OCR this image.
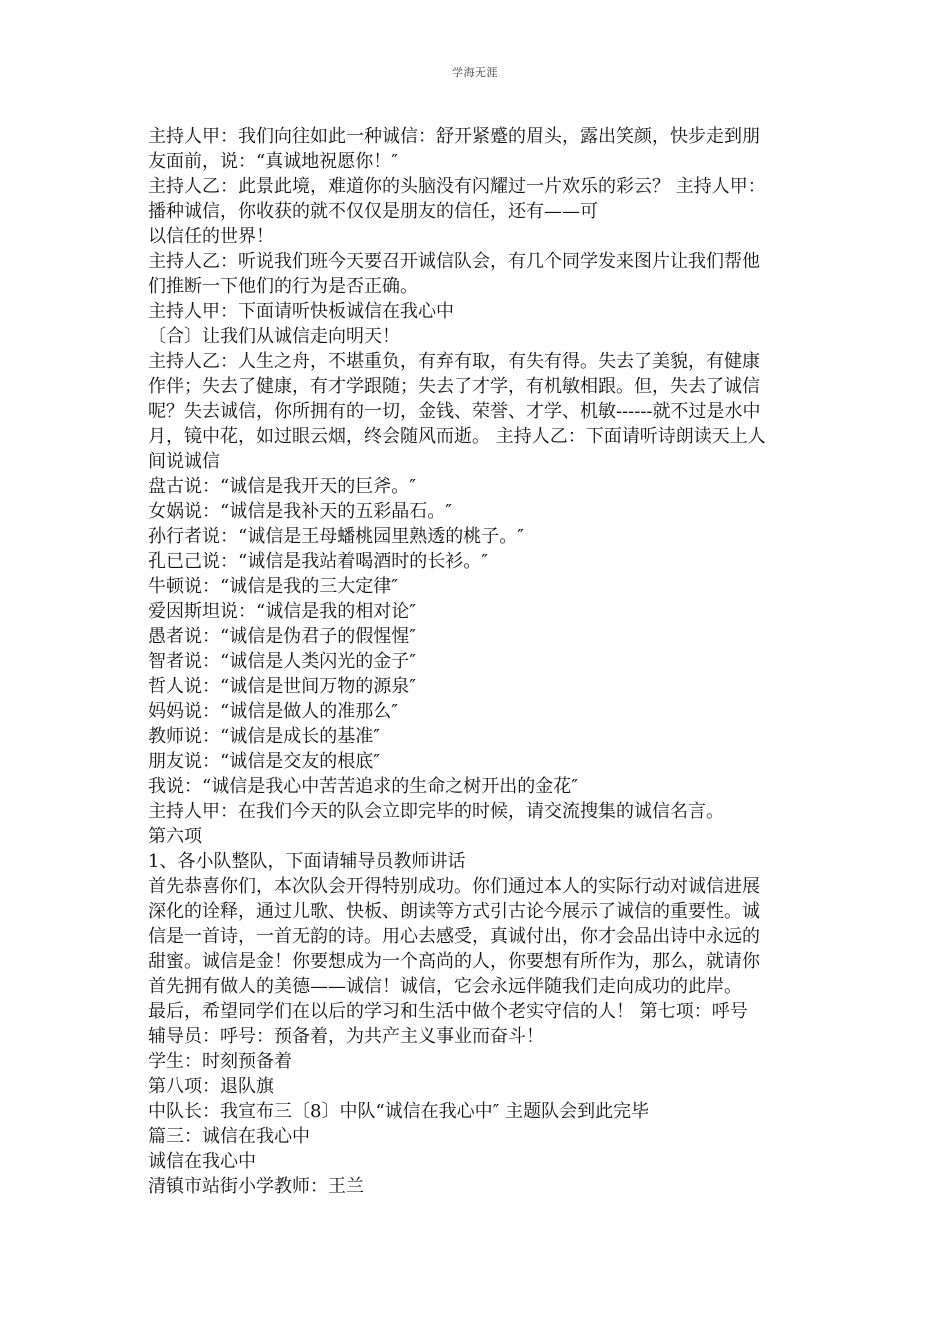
学海无涯
主持人甲：我们向往如此一种诚信：舒开紧蹙的眉头，露出笑颜，快步走到朋
友面前，说：“真诚地祝愿你！″
主持人乙：此景此境，难道你的头脑没有闪耀过一片欢乐的彩云？ 主持人甲：
播种诚信，你收获的就不仅仅是朋友的信任，还有——可
以信任的世界！
主持人乙：听说我们班今天要召开诚信队会，有几个同学发来图片让我们帮他
们推断一下他们的行为是否正确。
主持人甲：下面请听快板诚信在我心中
〔合〕让我们从诚信走向明天！
主持人乙：人生之舟，不堪重负，有弃有取，有失有得。失去了美貌，有健康
作伴；失去了健康，有才学跟随；失去了才学，有机敏相跟。但，失去了诚信
呢？失去诚信，你所拥有的一切，金钱、荣誉、才学、机敏------就不过是水中
月，镜中花，如过眼云烟，终会随风而逝。 主持人乙：下面请听诗朗读天上人
间说诚信
盘古说：“诚信是我开天的巨斧。″
女娲说：“诚信是我补天的五彩晶石。″
孙行者说：“诚信是王母蟠桃园里熟透的桃子。″
孔已己说：“诚信是我站着喝酒时的长衫。″
牛顿说：“诚信是我的三大定律″
爱因斯坦说：“诚信是我的相对论″
愚者说：“诚信是伪君子的假惺惺″
智者说：“诚信是人类闪光的金子″
哲人说：“诚信是世间万物的源泉″
妈妈说：“诚信是做人的准那么″
教师说：“诚信是成长的基准″
朋友说：“诚信是交友的根底″
我说：“诚信是我心中苦苦追求的生命之树开出的金花″
主持人甲：在我们今天的队会立即完毕的时候，请交流搜集的诚信名言。
第六项
1、各小队整队，下面请辅导员教师讲话
首先恭喜你们，本次队会开得特别成功。你们通过本人的实际行动对诚信进展
深化的诠释，通过儿歌、快板、朗读等方式引古论今展示了诚信的重要性。诚
信是一首诗，一首无韵的诗。用心去感受，真诚付出，你才会品出诗中永远的
甜蜜。诚信是金！你要想成为一个高尚的人，你要想有所作为，那么，就请你
首先拥有做人的美德——诚信！诚信，它会永远伴随我们走向成功的此岸。
最后，希望同学们在以后的学习和生活中做个老实守信的人！ 第七项：呼号
辅导员：呼号：预备着，为共产主义事业而奋斗！
学生：时刻预备着
第八项：退队旗
中队长：我宣布三〔8〕中队“诚信在我心中″ 主题队会到此完毕
篇三：诚信在我心中
诚信在我心中
清镇市站街小学教师：王兰
